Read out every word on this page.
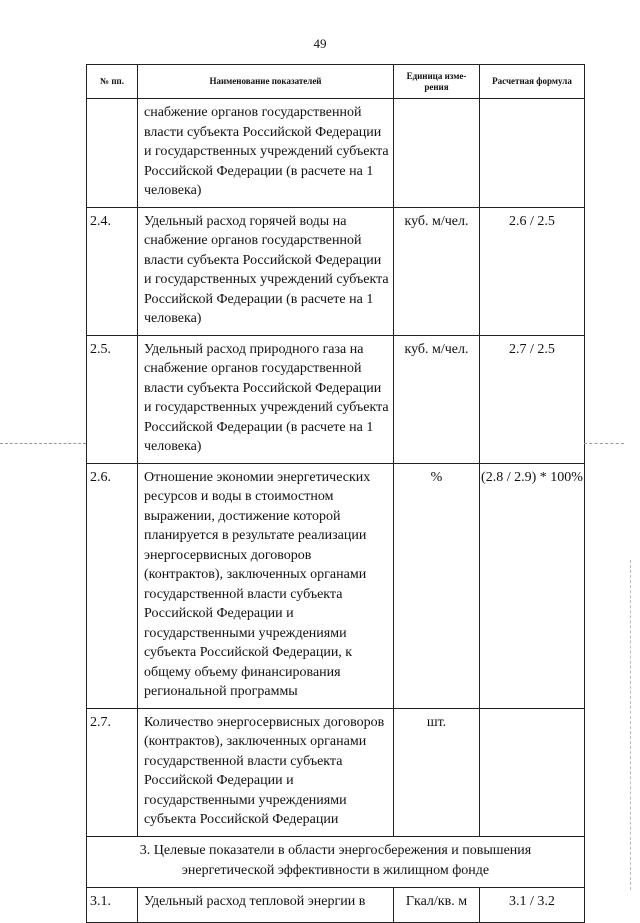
49
№ пп.	Наименование показателей	Единица изме-рения	Расчетная формула
	снабжение органов государственной власти субъекта Российской Федерации и государственных учреждений субъекта Российской Федерации (в расчете на 1 человека)		
2.4.	Удельный расход горячей воды на снабжение органов государственной власти субъекта Российской Федерации и государственных учреждений субъекта Российской Федерации (в расчете на 1 человека)	куб. м/чел.	2.6 / 2.5
2.5.	Удельный расход природного газа на снабжение органов государственной власти субъекта Российской Федерации и государственных учреждений субъекта Российской Федерации (в расчете на 1 человека)	куб. м/чел.	2.7 / 2.5
2.6.	Отношение экономии энергетических ресурсов и воды в стоимостном выражении, достижение которой планируется в результате реализации энергосервисных договоров (контрактов), заключенных органами государственной власти субъекта Российской Федерации и государственными учреждениями субъекта Российской Федерации, к общему объему финансирования региональной программы	%	(2.8 / 2.9) * 100%
2.7.	Количество энергосервисных договоров (контрактов), заключенных органами государственной власти субъекта Российской Федерации и государственными учреждениями субъекта Российской Федерации	шт.	
3. Целевые показатели в области энергосбережения и повышения энергетической эффективности в жилищном фонде			
3.1.	Удельный расход тепловой энергии в	Гкал/кв. м	3.1 / 3.2
